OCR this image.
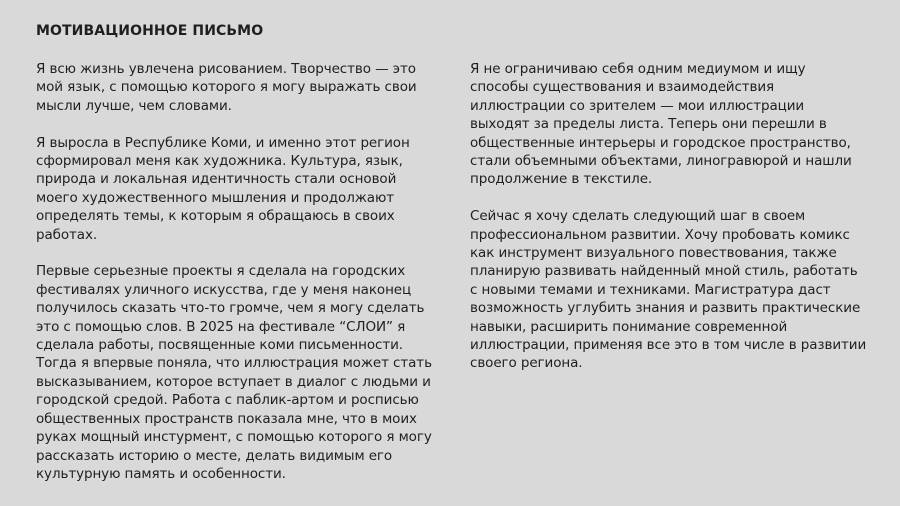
МОТИВАЦИОННОЕ ПИСЬМО

Я всю жизнь увлечена рисованием. Творчество — это
мой язык, с помощью которого я могу выражать свои
мысли лучше, чем словами.

Я выросла в Республике Коми, и именно этот регион
сформировал меня как художника. Культура, язык,
природа и локальная идентичность стали основой
моего художественного мышления и продолжают
определять темы, к которым я обращаюсь в своих
работах.

Первые серьезные проекты я сделала на городских
фестивалях уличного искусства, где у меня наконец
получилось сказать что-то громче, чем я могу сделать
это с помощью слов. В 2025 на фестивале “СЛОИ” я
сделала работы, посвященные коми письменности.
Тогда я впервые поняла, что иллюстрация может стать
высказыванием, которое вступает в диалог с людьми и
городской средой. Работа с паблик-артом и росписью
общественных пространств показала мне, что в моих
руках мощный инстурмент, с помощью которого я могу
рассказать историю о месте, делать видимым его
культурную память и особенности.

Я не ограничиваю себя одним медиумом и ищу
способы существования и взаимодействия
иллюстрации со зрителем — мои иллюстрации
выходят за пределы листа. Теперь они перешли в
общественные интерьеры и городское пространство,
стали объемными объектами, линогравюрой и нашли
продолжение в текстиле.

Сейчас я хочу сделать следующий шаг в своем
профессиональном развитии. Хочу пробовать комикс
как инструмент визуального повествования, также
планирую развивать найденный мной стиль, работать
с новыми темами и техниками. Магистратура даст
возможность углубить знания и развить практические
навыки, расширить понимание современной
иллюстрации, применяя все это в том числе в развитии
своего региона.
